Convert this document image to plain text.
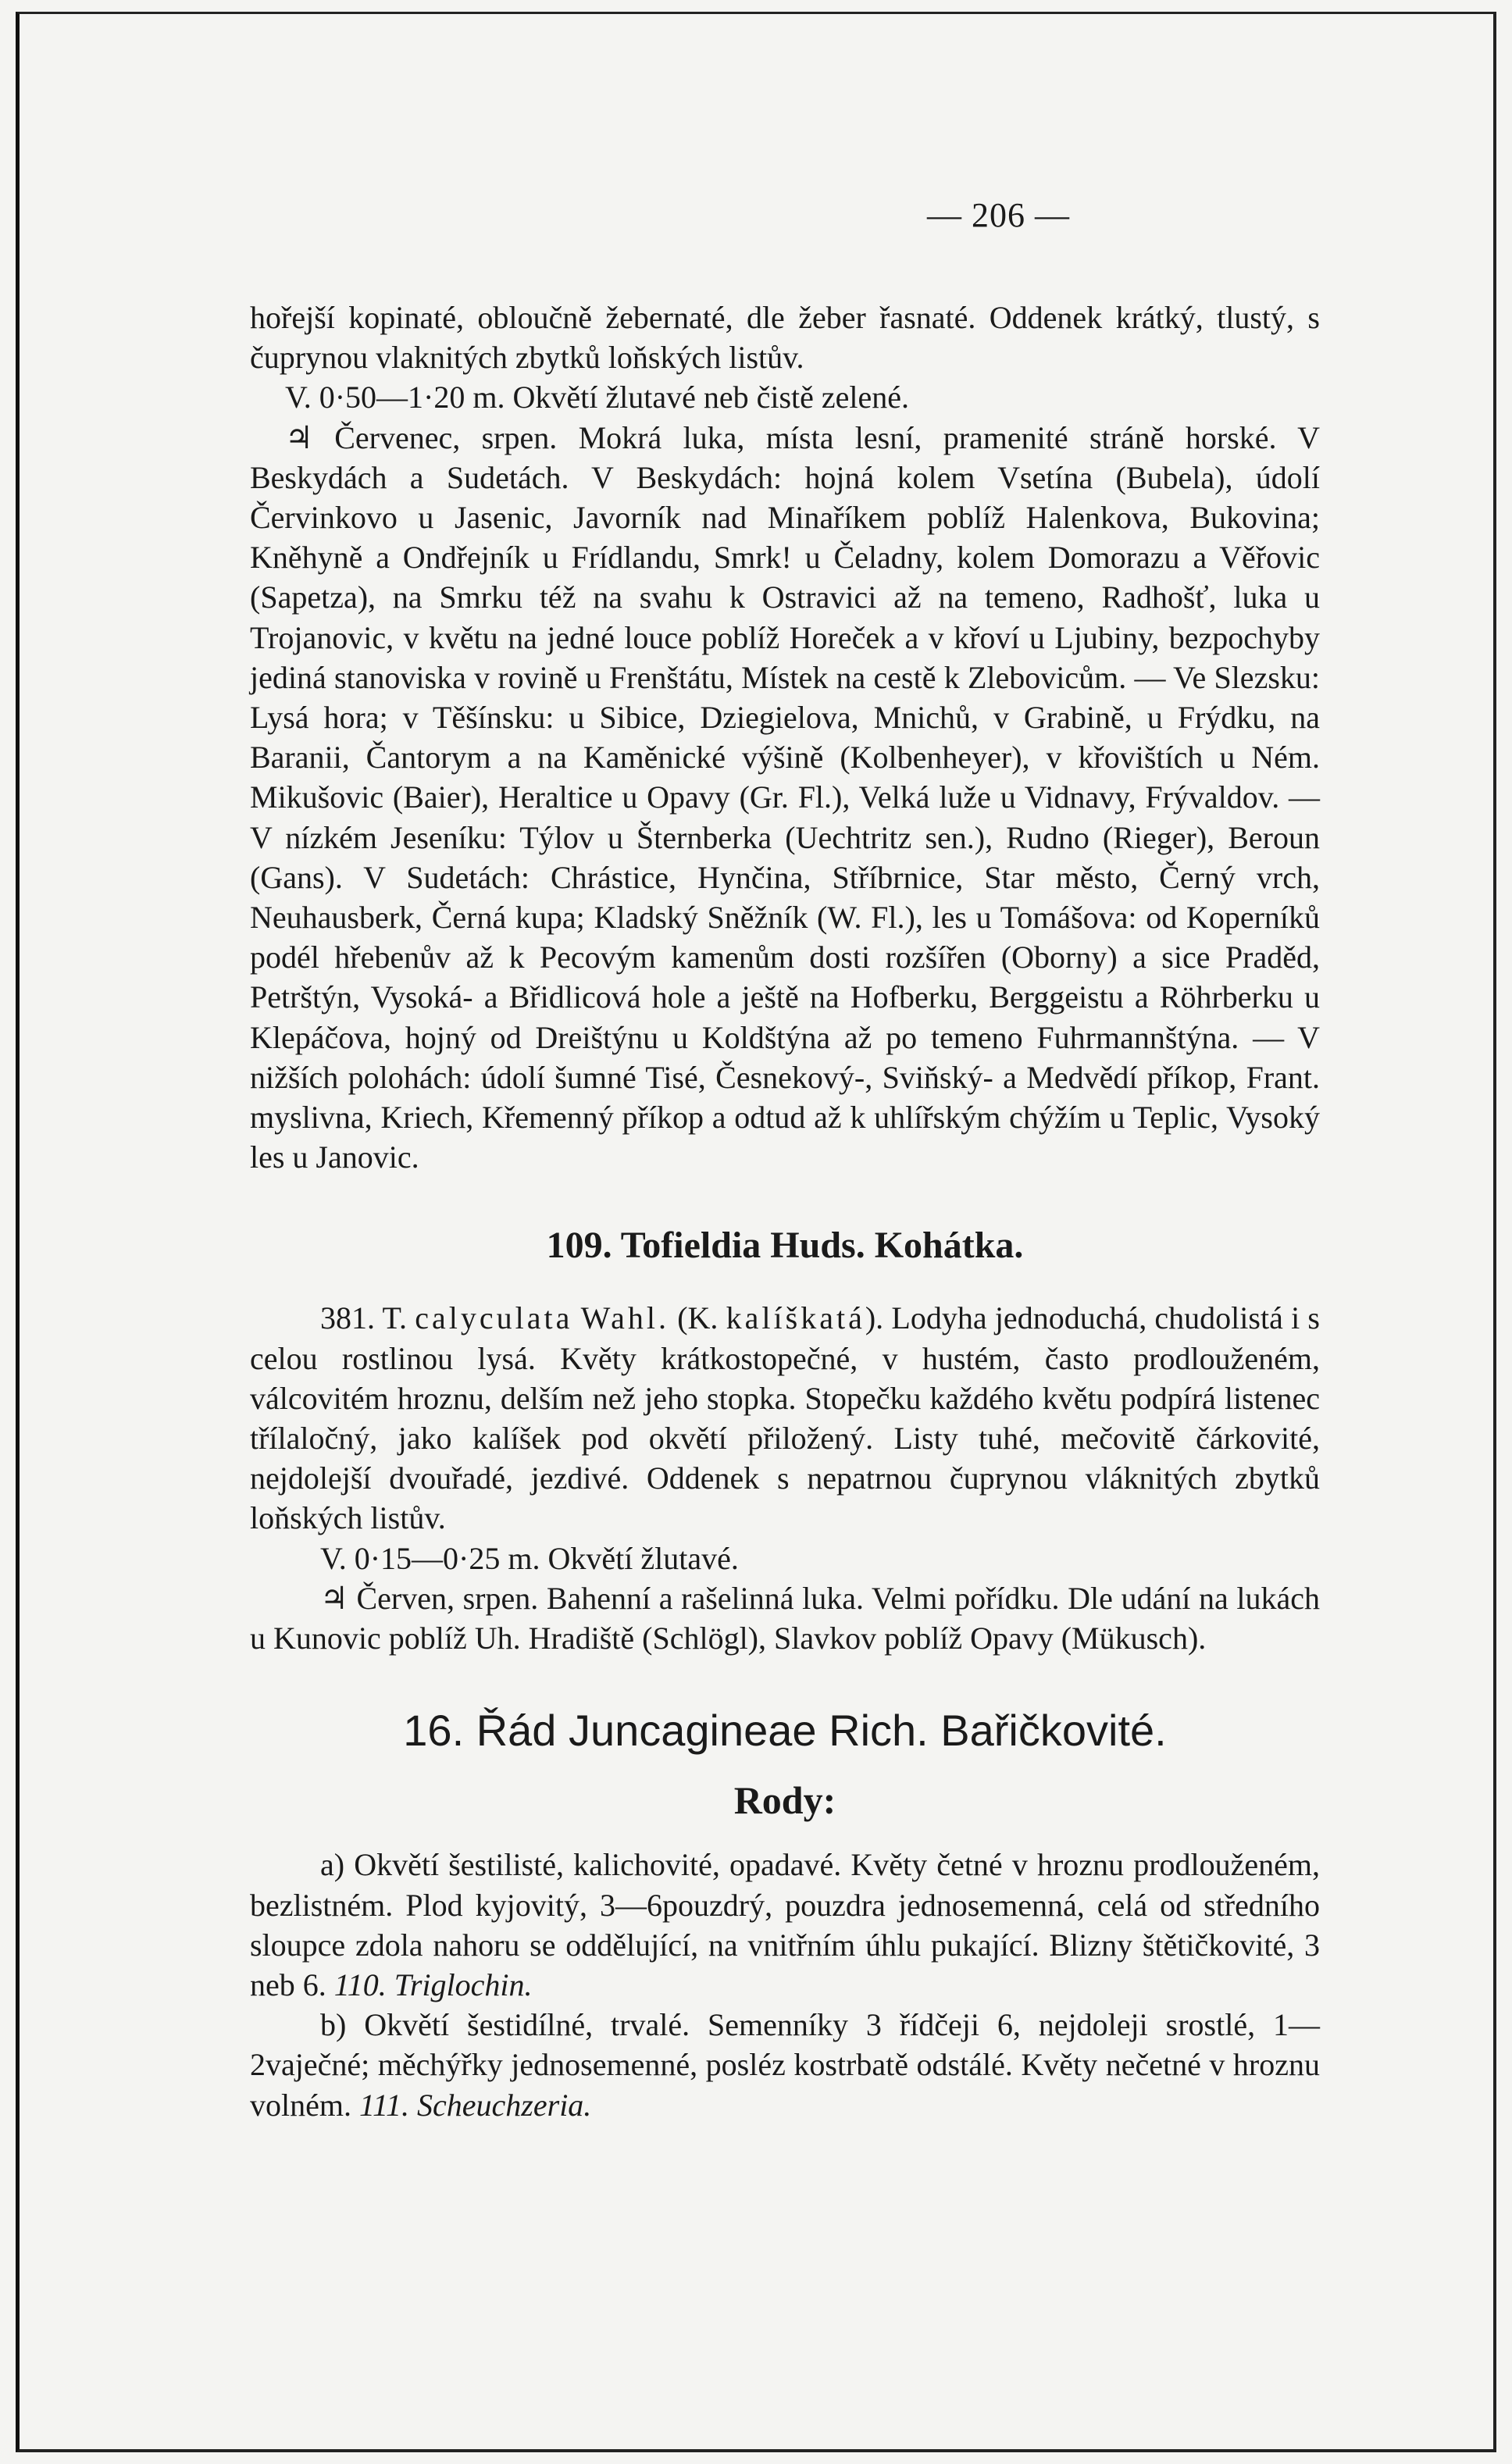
— 206 —

hořejší kopinaté, obloučně žebernaté, dle žeber řasnaté. Oddenek krátký, tlustý, s čuprynou vlaknitých zbytků loňských listův.

V. 0·50—1·20 m. Okvětí žlutavé neb čistě zelené.

♃ Červenec, srpen. Mokrá luka, místa lesní, pramenité stráně horské. V Beskydách a Sudetách. V Beskydách: hojná kolem Vsetína (Bubela), údolí Červinkovo u Jasenic, Javorník nad Minaříkem poblíž Halenkova, Bukovina; Kněhyně a Ondřejník u Frídlandu, Smrk! u Čeladny, kolem Domorazu a Věřovic (Sapetza), na Smrku též na svahu k Ostravici až na temeno, Radhošť, luka u Trojanovic, v květu na jedné louce poblíž Horeček a v křoví u Ljubiny, bezpochyby jediná stanoviska v rovině u Frenštátu, Místek na cestě k Zlebovicům. — Ve Slezsku: Lysá hora; v Těšínsku: u Sibice, Dziegielova, Mnichů, v Grabině, u Frýdku, na Baranii, Čantorym a na Kaměnické výšině (Kolbenheyer), v křovištích u Ném. Mikušovic (Baier), Heraltice u Opavy (Gr. Fl.), Velká luže u Vidnavy, Frývaldov. — V nízkém Jeseníku: Týlov u Šternberka (Uechtritz sen.), Rudno (Rieger), Beroun (Gans). V Sudetách: Chrástice, Hynčina, Stříbrnice, Star město, Černý vrch, Neuhausberk, Černá kupa; Kladský Sněžník (W. Fl.), les u Tomášova: od Koperníků podél hřebenův až k Pecovým kamenům dosti rozšířen (Oborny) a sice Praděd, Petrštýn, Vysoká- a Břidlicová hole a ještě na Hofberku, Berggeistu a Röhrberku u Klepáčova, hojný od Dreištýnu u Koldštýna až po temeno Fuhrmannštýna. — V nižších polohách: údolí šumné Tisé, Česnekový-, Sviňský- a Medvědí příkop, Frant. myslivna, Kriech, Křemenný příkop a odtud až k uhlířským chýžím u Teplic, Vysoký les u Janovic.

109. Tofieldia Huds. Kohátka.

381. T. calyculata Wahl. (K. kalíškatá). Lodyha jednoduchá, chudolistá i s celou rostlinou lysá. Květy krátkostopečné, v hustém, často prodlouženém, válcovitém hroznu, delším než jeho stopka. Stopečku každého květu podpírá listenec třílaločný, jako kalíšek pod okvětí přiložený. Listy tuhé, mečovitě čárkovité, nejdolejší dvouřadé, jezdivé. Oddenek s nepatrnou čuprynou vláknitých zbytků loňských listův.

V. 0·15—0·25 m. Okvětí žlutavé.

♃ Červen, srpen. Bahenní a rašelinná luka. Velmi pořídku. Dle udání na lukách u Kunovic poblíž Uh. Hradiště (Schlögl), Slavkov poblíž Opavy (Mükusch).

16. Řád Juncagineae Rich. Bařičkovité.
Rody:

a) Okvětí šestilisté, kalichovité, opadavé. Květy četné v hroznu prodlouženém, bezlistném. Plod kyjovitý, 3—6pouzdrý, pouzdra jednosemenná, celá od středního sloupce zdola nahoru se oddělující, na vnitřním úhlu pukající. Blizny štětičkovité, 3 neb 6. 110. Triglochin.

b) Okvětí šestidílné, trvalé. Semenníky 3 řídčeji 6, nejdoleji srostlé, 1—2vaječné; měchýřky jednosemenné, posléz kostrbatě odstálé. Květy nečetné v hroznu volném. 111. Scheuchzeria.
